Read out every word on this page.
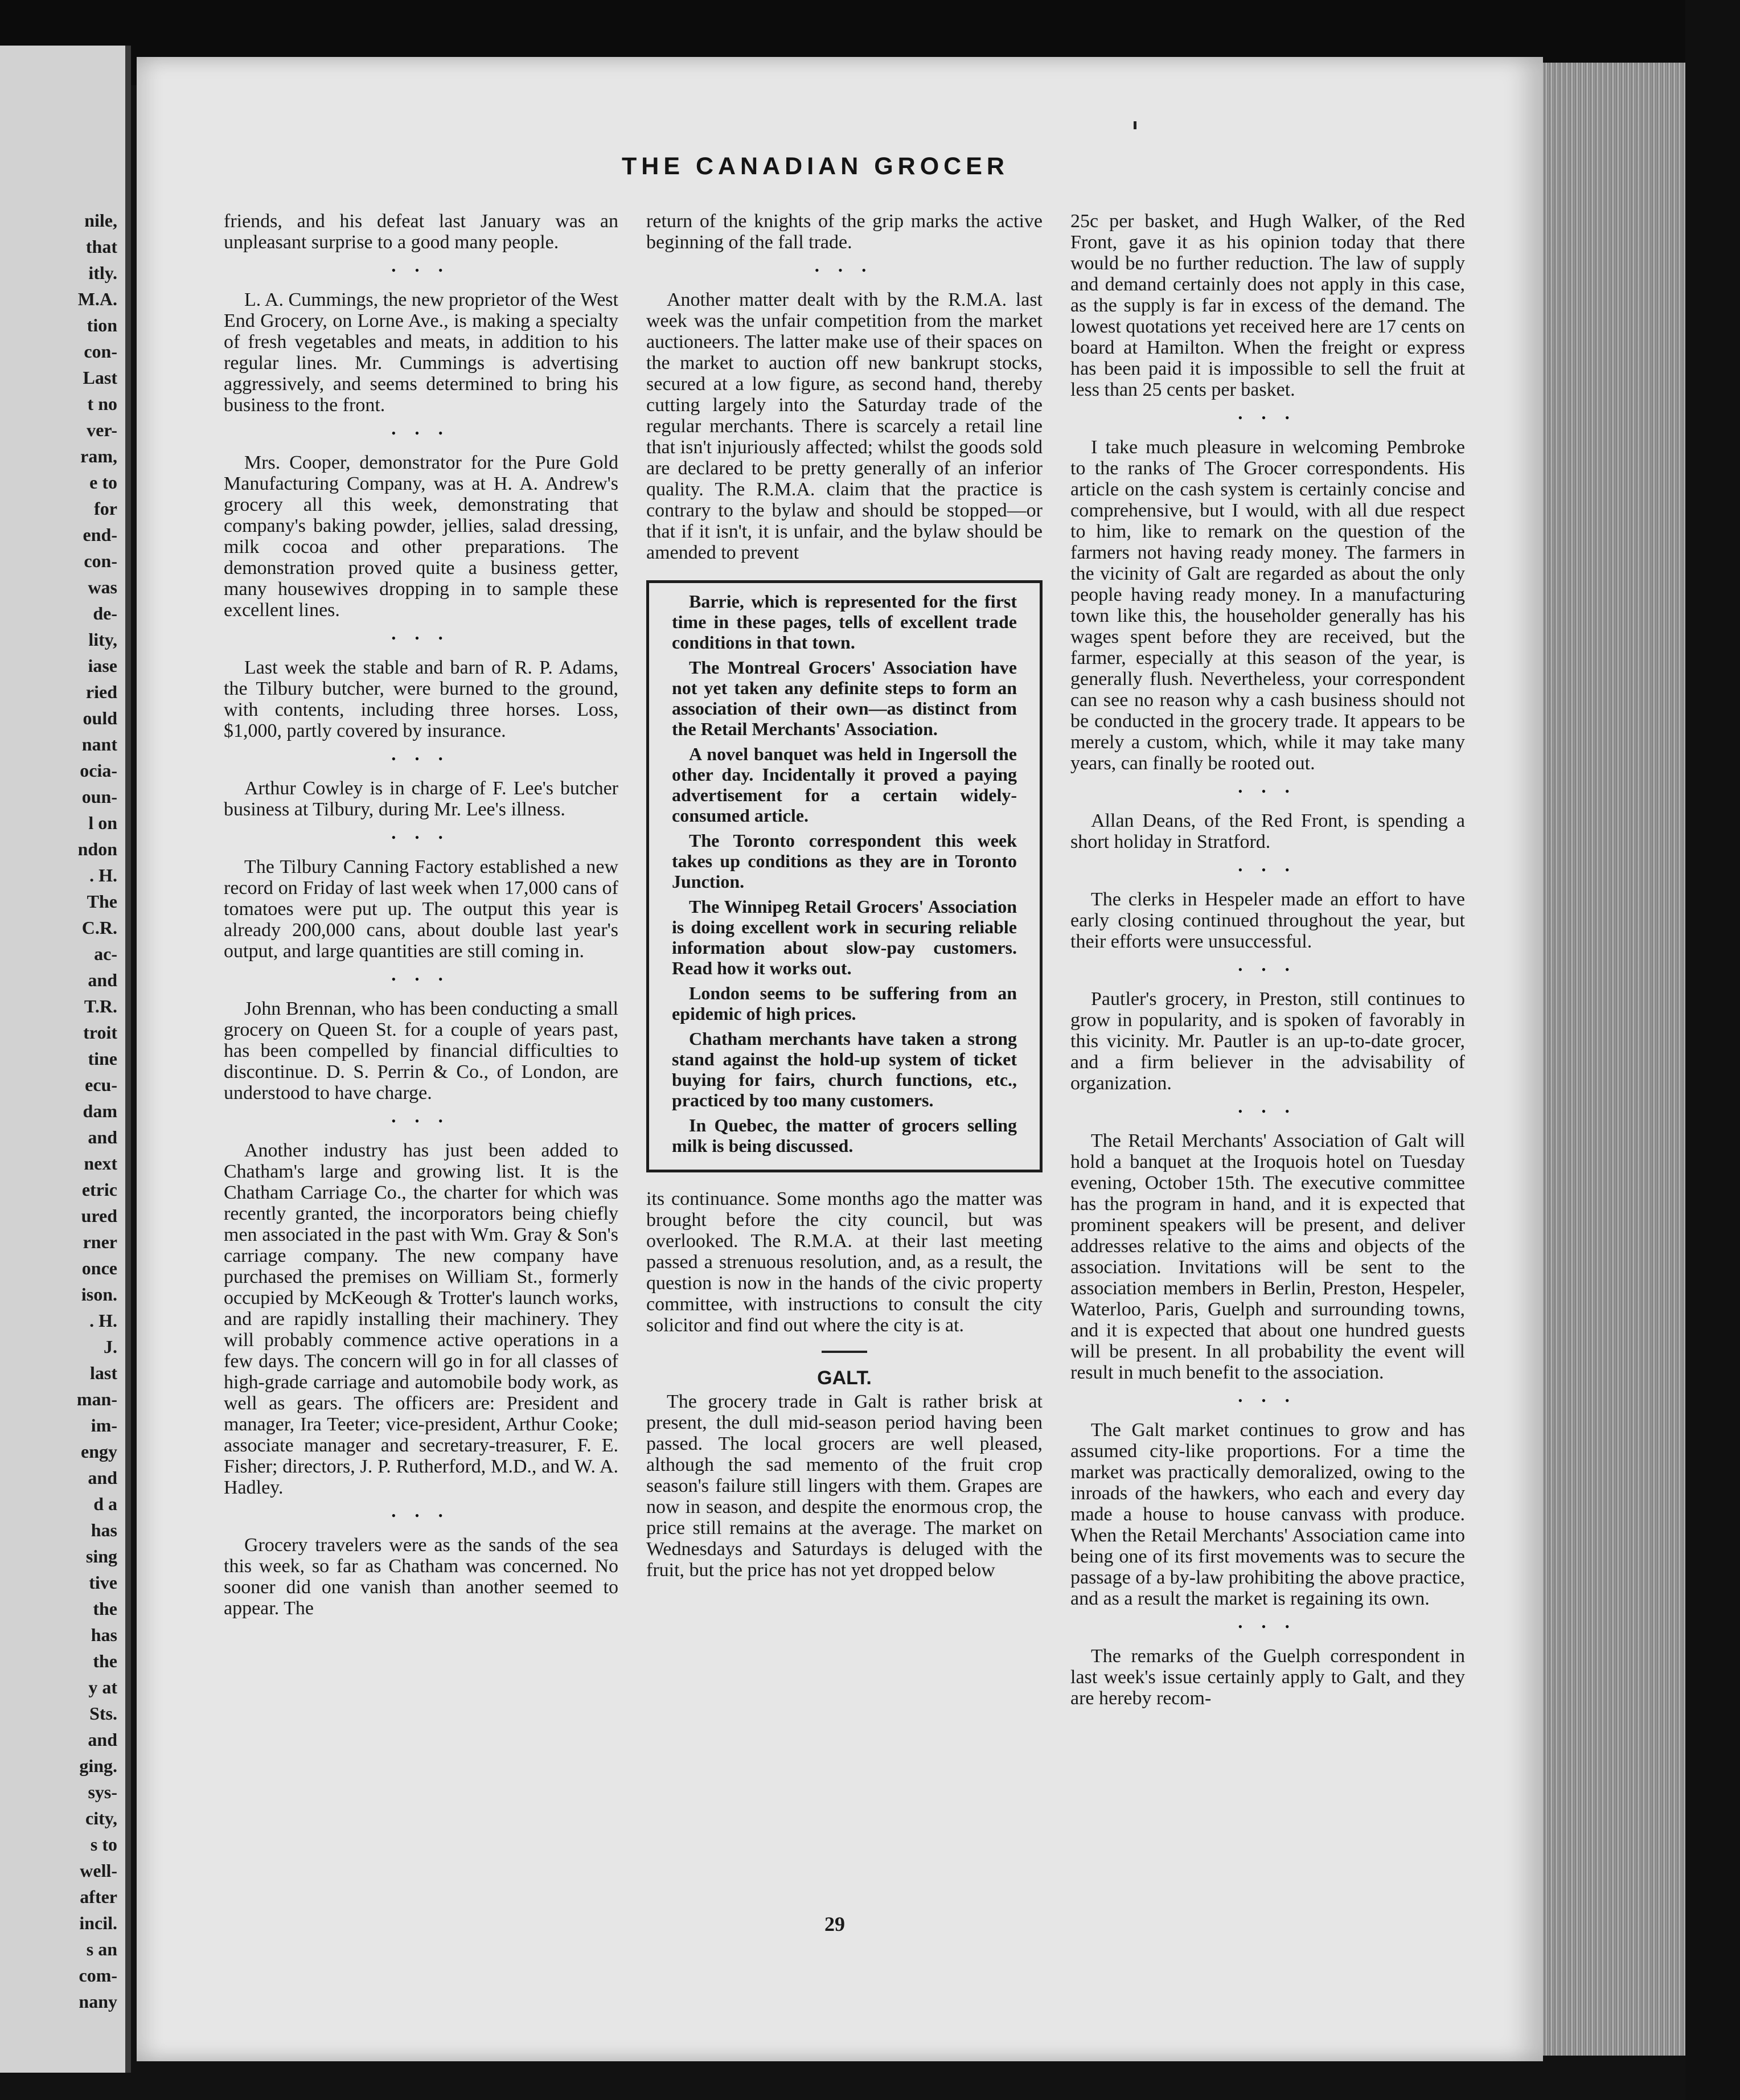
nile,
that
itly.
M.A.
tion
con-
Last
t no
ver-
ram,
e to
for
end-
con-
was
de-
lity,
iase
ried
ould
nant
ocia-
oun-
l on
ndon
. H.
The
C.R.
ac-
and
T.R.
troit
tine
ecu-
dam
and
next
etric
ured
rner
once
ison.
. H.
J.
last
man-
im-
engy
and
d a
has
sing
tive
the
has
the
y at
Sts.
and
ging.
sys-
city,
s to
well-
after
incil.
s an
com-
nany
THE CANADIAN GROCER

friends, and his defeat last January was an unpleasant surprise to a good many people.

• • •

L. A. Cummings, the new proprietor of the West End Grocery, on Lorne Ave., is making a specialty of fresh vegetables and meats, in addition to his regular lines. Mr. Cummings is advertising aggressively, and seems determined to bring his business to the front.

• • •

Mrs. Cooper, demonstrator for the Pure Gold Manufacturing Company, was at H. A. Andrew's grocery all this week, demonstrating that company's baking powder, jellies, salad dressing, milk cocoa and other preparations. The demonstration proved quite a business getter, many housewives dropping in to sample these excellent lines.

• • •

Last week the stable and barn of R. P. Adams, the Tilbury butcher, were burned to the ground, with contents, including three horses. Loss, $1,000, partly covered by insurance.

• • •

Arthur Cowley is in charge of F. Lee's butcher business at Tilbury, during Mr. Lee's illness.

• • •

The Tilbury Canning Factory established a new record on Friday of last week when 17,000 cans of tomatoes were put up. The output this year is already 200,000 cans, about double last year's output, and large quantities are still coming in.

• • •

John Brennan, who has been conducting a small grocery on Queen St. for a couple of years past, has been compelled by financial difficulties to discontinue. D. S. Perrin & Co., of London, are understood to have charge.

• • •

Another industry has just been added to Chatham's large and growing list. It is the Chatham Carriage Co., the charter for which was recently granted, the incorporators being chiefly men associated in the past with Wm. Gray & Son's carriage company. The new company have purchased the premises on William St., formerly occupied by McKeough & Trotter's launch works, and are rapidly installing their machinery. They will probably commence active operations in a few days. The concern will go in for all classes of high-grade carriage and automobile body work, as well as gears. The officers are: President and manager, Ira Teeter; vice-president, Arthur Cooke; associate manager and secretary-treasurer, F. E. Fisher; directors, J. P. Rutherford, M.D., and W. A. Hadley.

• • •

Grocery travelers were as the sands of the sea this week, so far as Chatham was concerned. No sooner did one vanish than another seemed to appear. The

return of the knights of the grip marks the active beginning of the fall trade.

• • •

Another matter dealt with by the R.M.A. last week was the unfair competition from the market auctioneers. The latter make use of their spaces on the market to auction off new bankrupt stocks, secured at a low figure, as second hand, thereby cutting largely into the Saturday trade of the regular merchants. There is scarcely a retail line that isn't injuriously affected; whilst the goods sold are declared to be pretty generally of an inferior quality. The R.M.A. claim that the practice is contrary to the bylaw and should be stopped—or that if it isn't, it is unfair, and the bylaw should be amended to prevent

Barrie, which is represented for the first time in these pages, tells of excellent trade conditions in that town.

The Montreal Grocers' Association have not yet taken any definite steps to form an association of their own—as distinct from the Retail Merchants' Association.

A novel banquet was held in Ingersoll the other day. Incidentally it proved a paying advertisement for a certain widely-consumed article.

The Toronto correspondent this week takes up conditions as they are in Toronto Junction.

The Winnipeg Retail Grocers' Association is doing excellent work in securing reliable information about slow-pay customers. Read how it works out.

London seems to be suffering from an epidemic of high prices.

Chatham merchants have taken a strong stand against the hold-up system of ticket buying for fairs, church functions, etc., practiced by too many customers.

In Quebec, the matter of grocers selling milk is being discussed.

its continuance. Some months ago the matter was brought before the city council, but was overlooked. The R.M.A. at their last meeting passed a strenuous resolution, and, as a result, the question is now in the hands of the civic property committee, with instructions to consult the city solicitor and find out where the city is at.

GALT.

The grocery trade in Galt is rather brisk at present, the dull mid-season period having been passed. The local grocers are well pleased, although the sad memento of the fruit crop season's failure still lingers with them. Grapes are now in season, and despite the enormous crop, the price still remains at the average. The market on Wednesdays and Saturdays is deluged with the fruit, but the price has not yet dropped below

25c per basket, and Hugh Walker, of the Red Front, gave it as his opinion today that there would be no further reduction. The law of supply and demand certainly does not apply in this case, as the supply is far in excess of the demand. The lowest quotations yet received here are 17 cents on board at Hamilton. When the freight or express has been paid it is impossible to sell the fruit at less than 25 cents per basket.

• • •

I take much pleasure in welcoming Pembroke to the ranks of The Grocer correspondents. His article on the cash system is certainly concise and comprehensive, but I would, with all due respect to him, like to remark on the question of the farmers not having ready money. The farmers in the vicinity of Galt are regarded as about the only people having ready money. In a manufacturing town like this, the householder generally has his wages spent before they are received, but the farmer, especially at this season of the year, is generally flush. Nevertheless, your correspondent can see no reason why a cash business should not be conducted in the grocery trade. It appears to be merely a custom, which, while it may take many years, can finally be rooted out.

• • •

Allan Deans, of the Red Front, is spending a short holiday in Stratford.

• • •

The clerks in Hespeler made an effort to have early closing continued throughout the year, but their efforts were unsuccessful.

• • •

Pautler's grocery, in Preston, still continues to grow in popularity, and is spoken of favorably in this vicinity. Mr. Pautler is an up-to-date grocer, and a firm believer in the advisability of organization.

• • •

The Retail Merchants' Association of Galt will hold a banquet at the Iroquois hotel on Tuesday evening, October 15th. The executive committee has the program in hand, and it is expected that prominent speakers will be present, and deliver addresses relative to the aims and objects of the association. Invitations will be sent to the association members in Berlin, Preston, Hespeler, Waterloo, Paris, Guelph and surrounding towns, and it is expected that about one hundred guests will be present. In all probability the event will result in much benefit to the association.

• • •

The Galt market continues to grow and has assumed city-like proportions. For a time the market was practically demoralized, owing to the inroads of the hawkers, who each and every day made a house to house canvass with produce. When the Retail Merchants' Association came into being one of its first movements was to secure the passage of a by-law prohibiting the above practice, and as a result the market is regaining its own.

• • •

The remarks of the Guelph correspondent in last week's issue certainly apply to Galt, and they are hereby recom-

29
